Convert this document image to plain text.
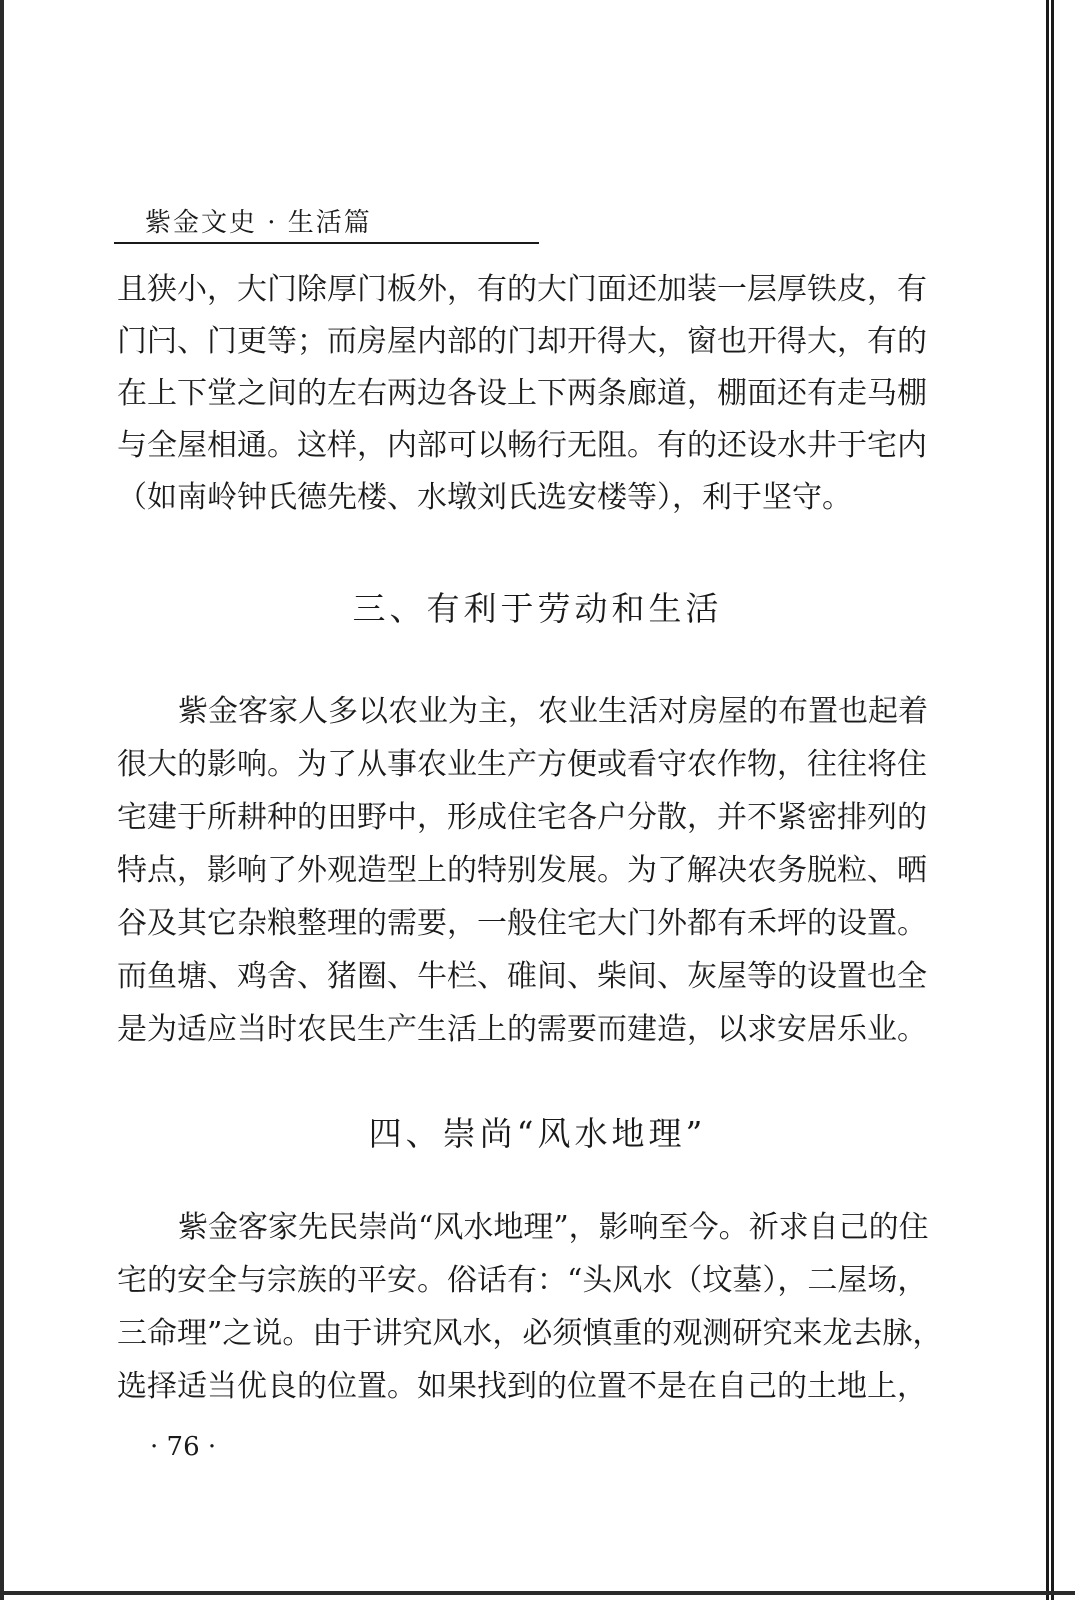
紫金文史 · 生活篇
且狭小，大门除厚门板外，有的大门面还加装一层厚铁皮，有
门闩、门更等；而房屋内部的门却开得大，窗也开得大，有的
在上下堂之间的左右两边各设上下两条廊道，棚面还有走马棚
与全屋相通。这样，内部可以畅行无阻。有的还设水井于宅内
（如南岭钟氏德先楼、水墩刘氏选安楼等），利于坚守。
三、有利于劳动和生活
紫金客家人多以农业为主，农业生活对房屋的布置也起着
很大的影响。为了从事农业生产方便或看守农作物，往往将住
宅建于所耕种的田野中，形成住宅各户分散，并不紧密排列的
特点，影响了外观造型上的特别发展。为了解决农务脱粒、晒
谷及其它杂粮整理的需要，一般住宅大门外都有禾坪的设置。
而鱼塘、鸡舍、猪圈、牛栏、碓间、柴间、灰屋等的设置也全
是为适应当时农民生产生活上的需要而建造，以求安居乐业。
四、崇尚“风水地理”
紫金客家先民崇尚“风水地理”，影响至今。祈求自己的住
宅的安全与宗族的平安。俗话有：“头风水（坟墓），二屋场，
三命理”之说。由于讲究风水，必须慎重的观测研究来龙去脉，
选择适当优良的位置。如果找到的位置不是在自己的土地上，
· 76 ·
